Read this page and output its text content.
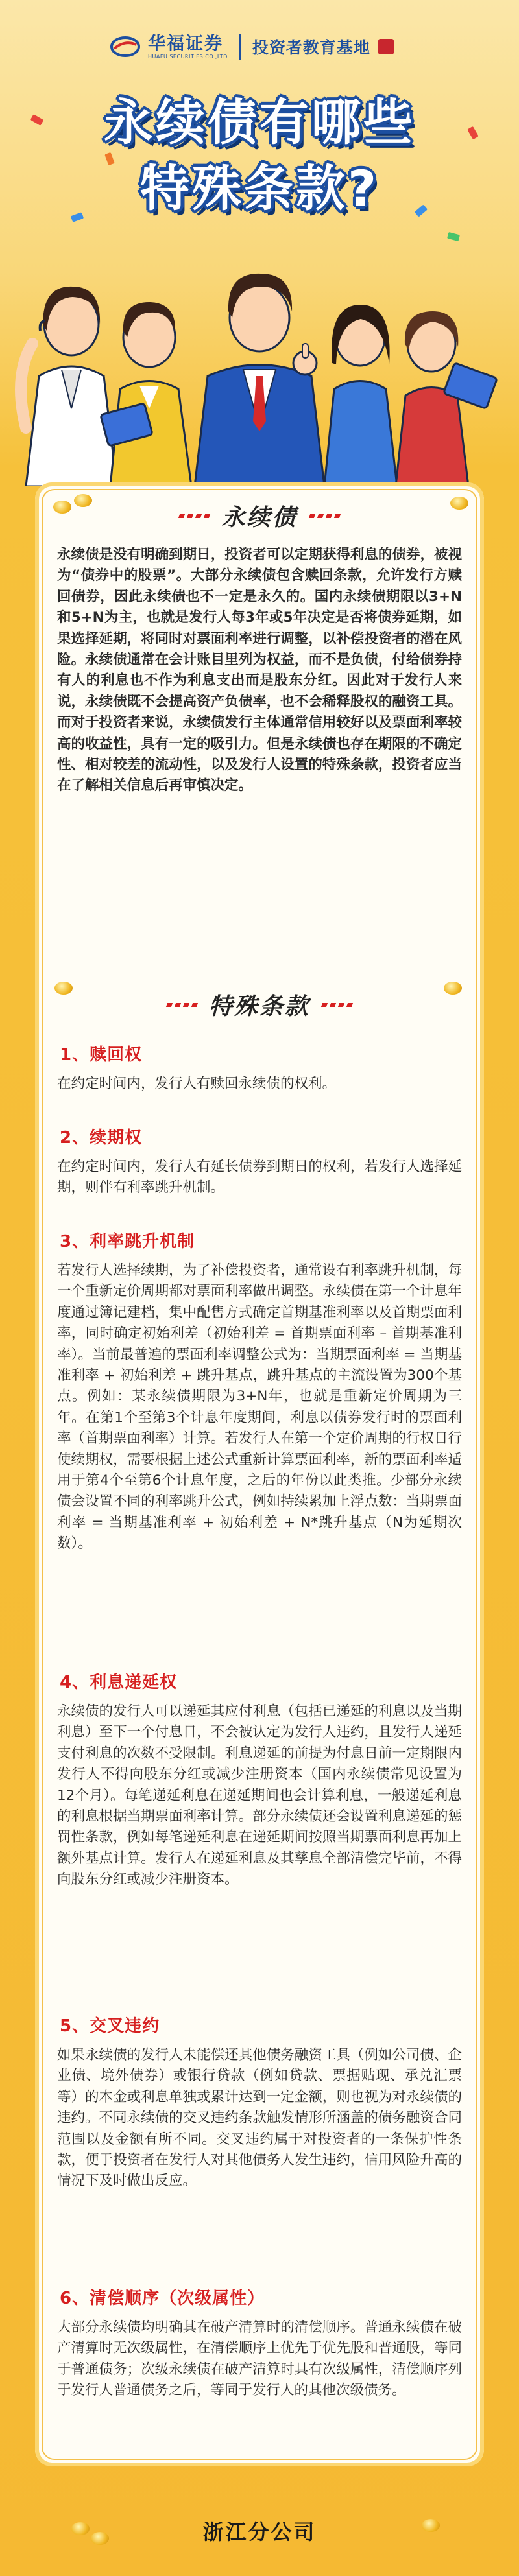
华福证券
HUAFU SECURITIES CO.,LTD 投资者教育基地
永续债有哪些
特殊条款?
永续债
永续债是没有明确到期日，投资者可以定期获得利息的债券，被视为“债券中的股票”。大部分永续债包含赎回条款，允许发行方赎回债券，因此永续债也不一定是永久的。国内永续债期限以3+N和5+N为主，也就是发行人每3年或5年决定是否将债券延期，如果选择延期，将同时对票面利率进行调整，以补偿投资者的潜在风险。永续债通常在会计账目里列为权益，而不是负债，付给债券持有人的利息也不作为利息支出而是股东分红。因此对于发行人来说，永续债既不会提高资产负债率，也不会稀释股权的融资工具。而对于投资者来说，永续债发行主体通常信用较好以及票面利率较高的收益性，具有一定的吸引力。但是永续债也存在期限的不确定性、相对较差的流动性，以及发行人设置的特殊条款，投资者应当在了解相关信息后再审慎决定。
特殊条款
1、赎回权
在约定时间内，发行人有赎回永续债的权利。
2、续期权
在约定时间内，发行人有延长债券到期日的权利，若发行人选择延期，则伴有利率跳升机制。
3、利率跳升机制
若发行人选择续期，为了补偿投资者，通常设有利率跳升机制，每一个重新定价周期都对票面利率做出调整。永续债在第一个计息年度通过簿记建档，集中配售方式确定首期基准利率以及首期票面利率，同时确定初始利差（初始利差 = 首期票面利率 – 首期基准利率）。当前最普遍的票面利率调整公式为：当期票面利率 = 当期基准利率 + 初始利差 + 跳升基点，跳升基点的主流设置为300个基点。例如：某永续债期限为3+N年，也就是重新定价周期为三年。在第1个至第3个计息年度期间，利息以债券发行时的票面利率（首期票面利率）计算。若发行人在第一个定价周期的行权日行使续期权，需要根据上述公式重新计算票面利率，新的票面利率适用于第4个至第6个计息年度，之后的年份以此类推。少部分永续债会设置不同的利率跳升公式，例如持续累加上浮点数：当期票面利率 = 当期基准利率 + 初始利差 + N*跳升基点（N为延期次数）。
4、利息递延权
永续债的发行人可以递延其应付利息（包括已递延的利息以及当期利息）至下一个付息日，不会被认定为发行人违约，且发行人递延支付利息的次数不受限制。利息递延的前提为付息日前一定期限内发行人不得向股东分红或减少注册资本（国内永续债常见设置为12个月）。每笔递延利息在递延期间也会计算利息，一般递延利息的利息根据当期票面利率计算。部分永续债还会设置利息递延的惩罚性条款，例如每笔递延利息在递延期间按照当期票面利息再加上额外基点计算。发行人在递延利息及其孳息全部清偿完毕前，不得向股东分红或减少注册资本。
5、交叉违约
如果永续债的发行人未能偿还其他债务融资工具（例如公司债、企业债、境外债券）或银行贷款（例如贷款、票据贴现、承兑汇票等）的本金或利息单独或累计达到一定金额，则也视为对永续债的违约。不同永续债的交叉违约条款触发情形所涵盖的债务融资合同范围以及金额有所不同。交叉违约属于对投资者的一条保护性条款，便于投资者在发行人对其他债务人发生违约，信用风险升高的情况下及时做出反应。
6、清偿顺序（次级属性）
大部分永续债均明确其在破产清算时的清偿顺序。普通永续债在破产清算时无次级属性，在清偿顺序上优先于优先股和普通股，等同于普通债务；次级永续债在破产清算时具有次级属性，清偿顺序列于发行人普通债务之后，等同于发行人的其他次级债务。
浙江分公司
